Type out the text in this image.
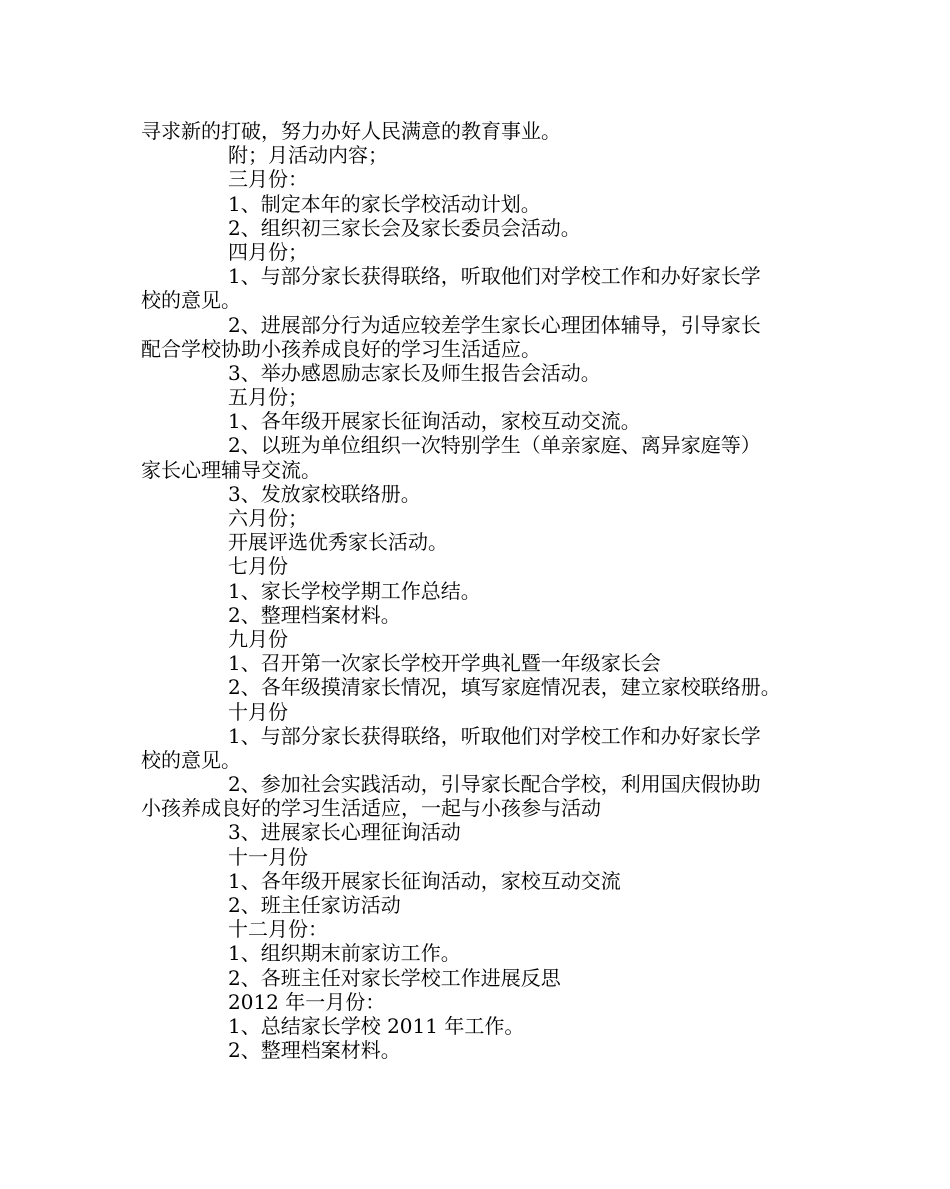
寻求新的打破，努力办好人民满意的教育事业。
附；月活动内容；
三月份：
1、制定本年的家长学校活动计划。
2、组织初三家长会及家长委员会活动。
四月份；
1、与部分家长获得联络，听取他们对学校工作和办好家长学
校的意见。
2、进展部分行为适应较差学生家长心理团体辅导，引导家长
配合学校协助小孩养成良好的学习生活适应。
3、举办感恩励志家长及师生报告会活动。
五月份；
1、各年级开展家长征询活动，家校互动交流。
2、以班为单位组织一次特别学生（单亲家庭、离异家庭等）
家长心理辅导交流。
3、发放家校联络册。
六月份；
开展评选优秀家长活动。
七月份
1、家长学校学期工作总结。
2、整理档案材料。
九月份
1、召开第一次家长学校开学典礼暨一年级家长会
2、各年级摸清家长情况，填写家庭情况表，建立家校联络册。
十月份
1、与部分家长获得联络，听取他们对学校工作和办好家长学
校的意见。
2、参加社会实践活动，引导家长配合学校，利用国庆假协助
小孩养成良好的学习生活适应，一起与小孩参与活动
3、进展家长心理征询活动
十一月份
1、各年级开展家长征询活动，家校互动交流
2、班主任家访活动
十二月份：
1、组织期末前家访工作。
2、各班主任对家长学校工作进展反思
2012 年一月份：
1、总结家长学校 2011 年工作。
2、整理档案材料。
